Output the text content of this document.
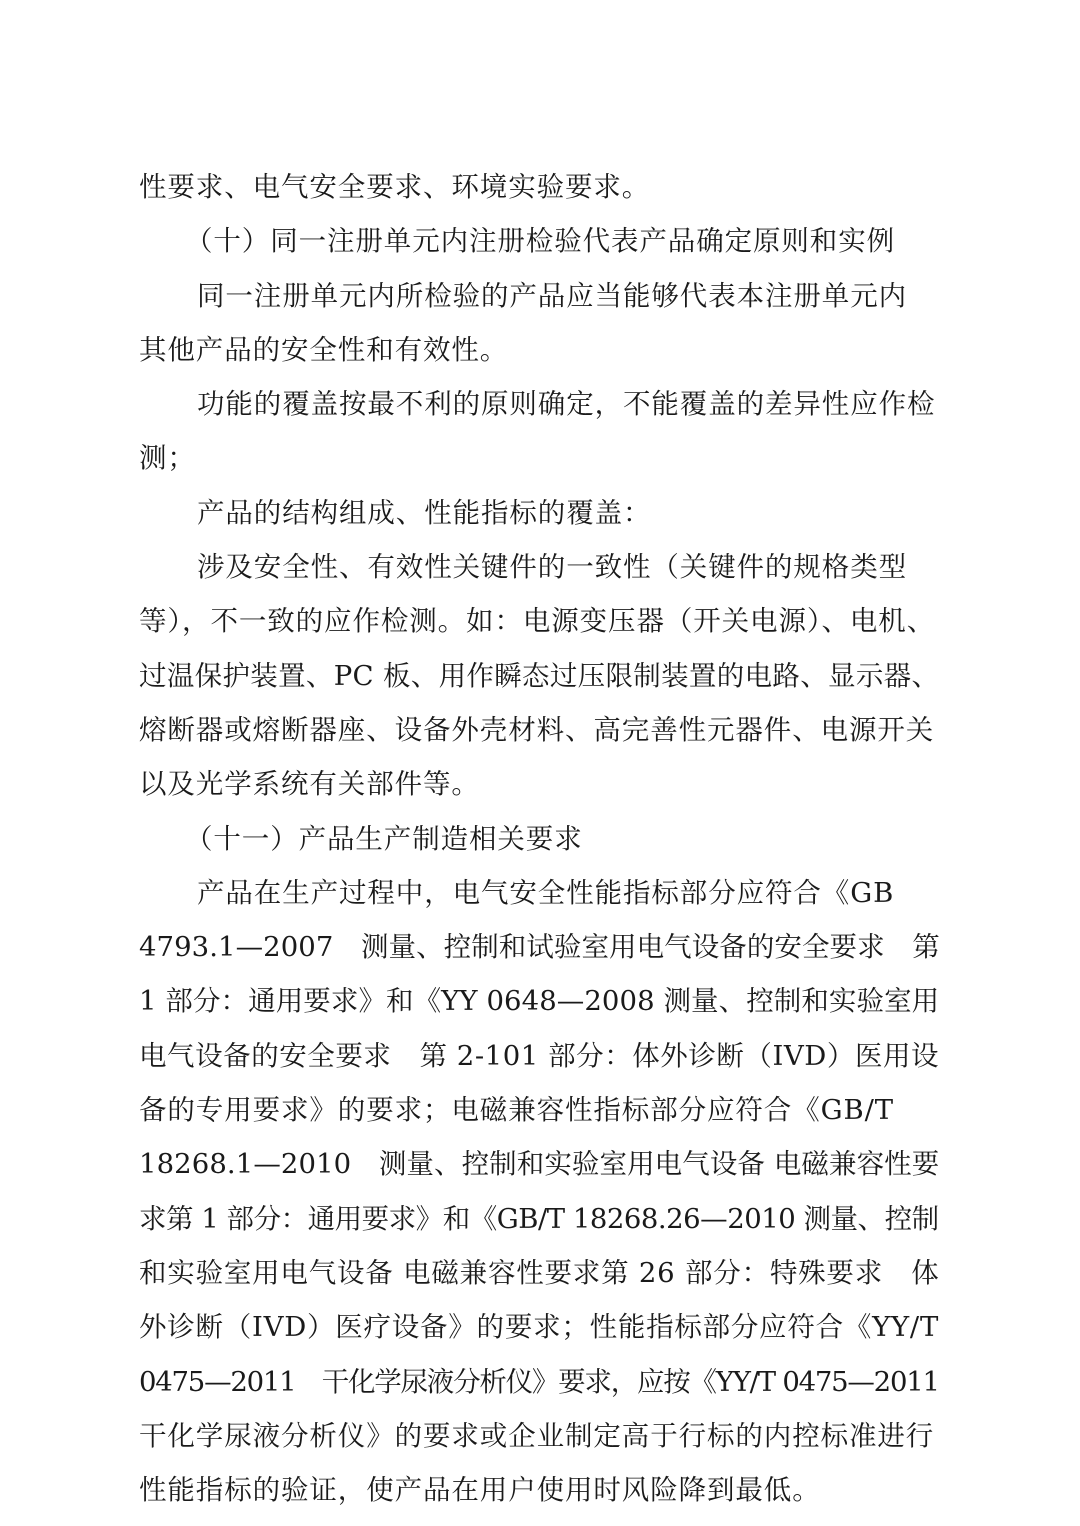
性要求、电气安全要求、环境实验要求。
（十）同一注册单元内注册检验代表产品确定原则和实例
同一注册单元内所检验的产品应当能够代表本注册单元内
其他产品的安全性和有效性。
功能的覆盖按最不利的原则确定，不能覆盖的差异性应作检
测；
产品的结构组成、性能指标的覆盖：
涉及安全性、有效性关键件的一致性（关键件的规格类型
等），不一致的应作检测。如：电源变压器（开关电源）、电机、
过温保护装置、PC 板、用作瞬态过压限制装置的电路、显示器、
熔断器或熔断器座、设备外壳材料、高完善性元器件、电源开关
以及光学系统有关部件等。
（十一）产品生产制造相关要求
产品在生产过程中，电气安全性能指标部分应符合《GB
4793.1—2007　测量、控制和试验室用电气设备的安全要求　第
1 部分：通用要求》和《YY 0648—2008 测量、控制和实验室用
电气设备的安全要求　第 2-101 部分：体外诊断（IVD）医用设
备的专用要求》的要求；电磁兼容性指标部分应符合《GB/T
18268.1—2010　测量、控制和实验室用电气设备 电磁兼容性要
求第 1 部分：通用要求》和《GB/T 18268.26—2010 测量、控制
和实验室用电气设备 电磁兼容性要求第 26 部分：特殊要求　体
外诊断（IVD）医疗设备》的要求；性能指标部分应符合《YY/T
0475—2011　干化学尿液分析仪》要求，应按《YY/T 0475—2011
干化学尿液分析仪》的要求或企业制定高于行标的内控标准进行
性能指标的验证，使产品在用户使用时风险降到最低。
